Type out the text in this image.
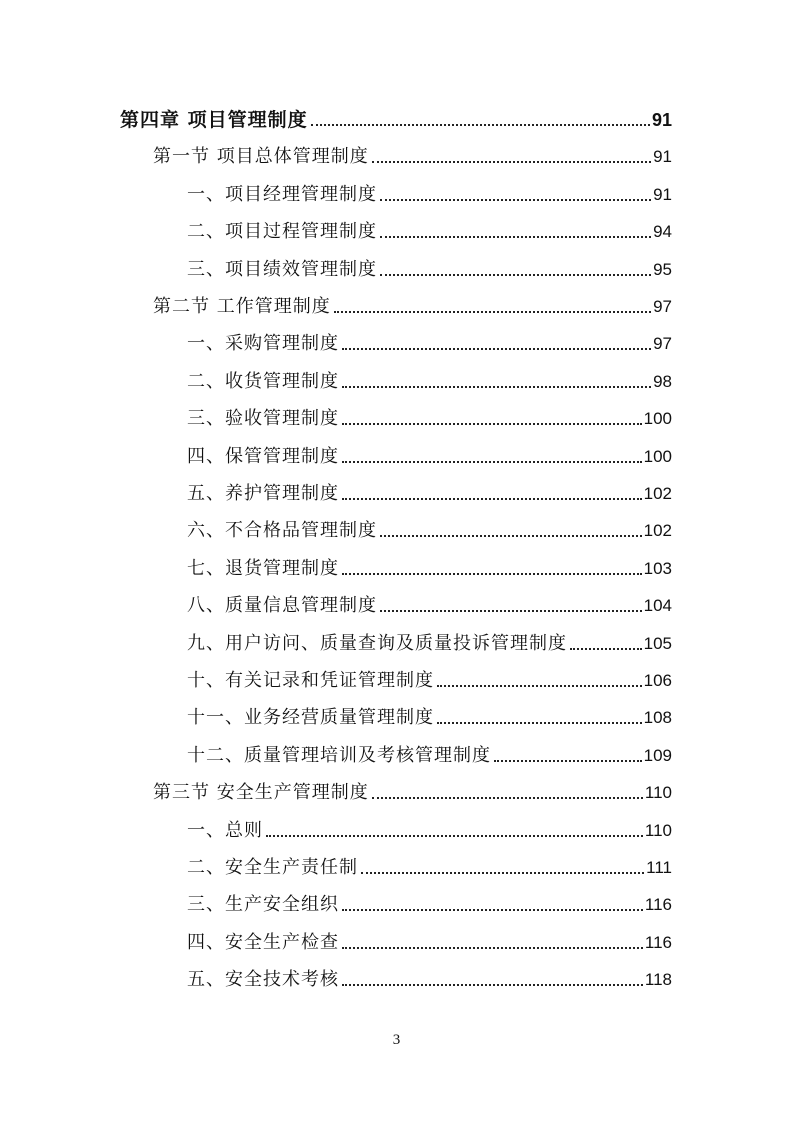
第四章 项目管理制度	91
第一节 项目总体管理制度	91
一、项目经理管理制度	91
二、项目过程管理制度	94
三、项目绩效管理制度	95
第二节 工作管理制度	97
一、采购管理制度	97
二、收货管理制度	98
三、验收管理制度	100
四、保管管理制度	100
五、养护管理制度	102
六、不合格品管理制度	102
七、退货管理制度	103
八、质量信息管理制度	104
九、用户访问、质量查询及质量投诉管理制度	105
十、有关记录和凭证管理制度	106
十一、业务经营质量管理制度	108
十二、质量管理培训及考核管理制度	109
第三节 安全生产管理制度	110
一、总则	110
二、安全生产责任制	111
三、生产安全组织	116
四、安全生产检查	116
五、安全技术考核	118
3
